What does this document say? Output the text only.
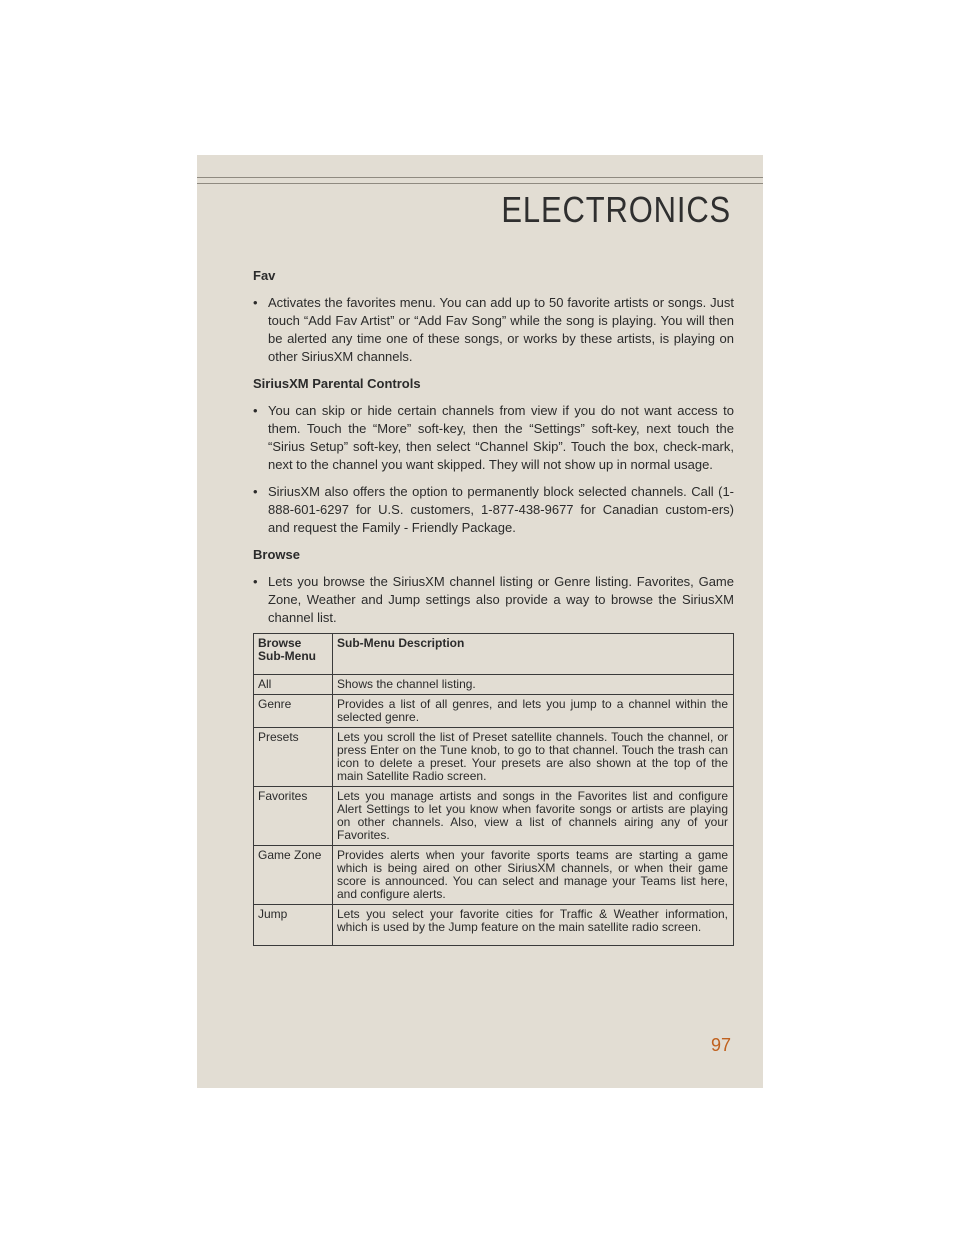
ELECTRONICS

Fav

• Activates the favorites menu. You can add up to 50 favorite artists or songs. Just touch “Add Fav Artist” or “Add Fav Song” while the song is playing. You will then be alerted any time one of these songs, or works by these artists, is playing on other SiriusXM channels.

SiriusXM Parental Controls

• You can skip or hide certain channels from view if you do not want access to them. Touch the “More” soft-key, then the “Settings” soft-key, next touch the “Sirius Setup” soft-key, then select “Channel Skip”. Touch the box, check-mark, next to the channel you want skipped. They will not show up in normal usage.

• SiriusXM also offers the option to permanently block selected channels. Call (1-888-601-6297 for U.S. customers, 1-877-438-9677 for Canadian custom-ers) and request the Family - Friendly Package.

Browse

• Lets you browse the SiriusXM channel listing or Genre listing. Favorites, Game Zone, Weather and Jump settings also provide a way to browse the SiriusXM channel list.

Browse Sub-Menu	Sub-Menu Description
All	Shows the channel listing.
Genre	Provides a list of all genres, and lets you jump to a channel within the selected genre.
Presets	Lets you scroll the list of Preset satellite channels. Touch the channel, or press Enter on the Tune knob, to go to that channel. Touch the trash can icon to delete a preset. Your presets are also shown at the top of the main Satellite Radio screen.
Favorites	Lets you manage artists and songs in the Favorites list and configure Alert Settings to let you know when favorite songs or artists are playing on other channels. Also, view a list of channels airing any of your Favorites.
Game Zone	Provides alerts when your favorite sports teams are starting a game which is being aired on other SiriusXM channels, or when their game score is announced. You can select and manage your Teams list here, and configure alerts.
Jump	Lets you select your favorite cities for Traffic & Weather information, which is used by the Jump feature on the main satellite radio screen.
97
